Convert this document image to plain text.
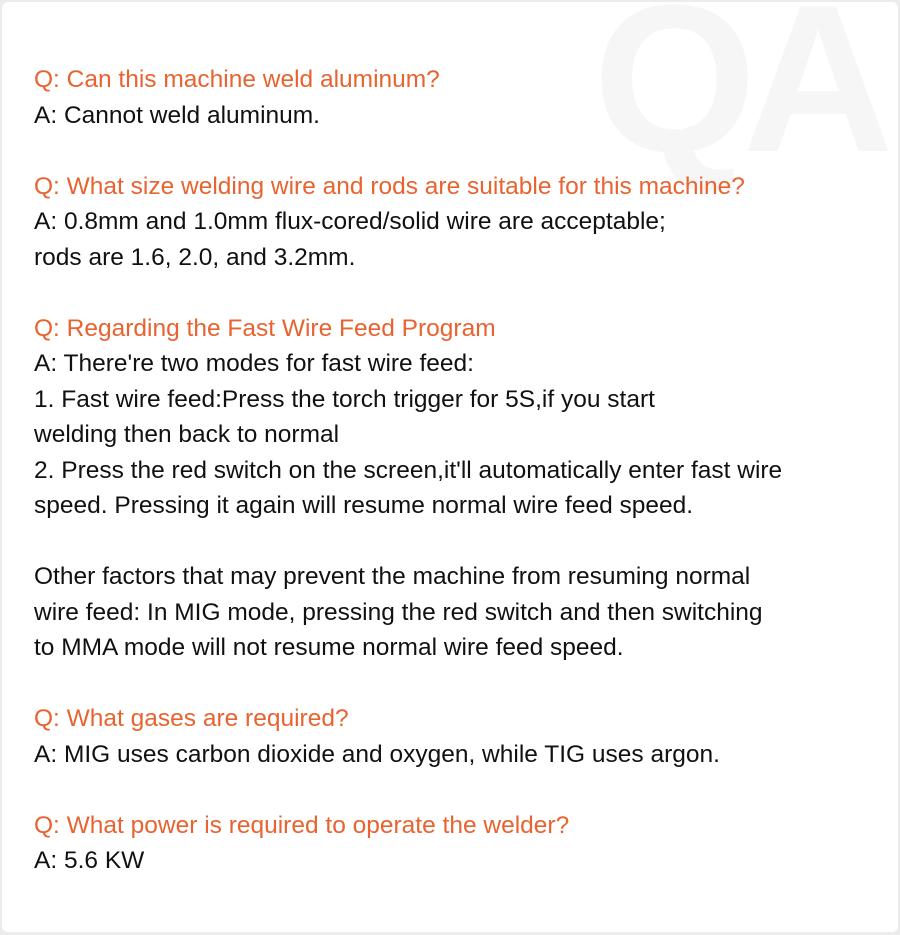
QA
Q: Can this machine weld aluminum?
A: Cannot weld aluminum.
Q: What size welding wire and rods are suitable for this machine?
A: 0.8mm and 1.0mm flux-cored/solid wire are acceptable;
rods are 1.6, 2.0, and 3.2mm.
Q: Regarding the Fast Wire Feed Program
A: There're two modes for fast wire feed:
1. Fast wire feed:Press the torch trigger for 5S,if you start
welding then back to normal
2. Press the red switch on the screen,it'll automatically enter fast wire
speed. Pressing it again will resume normal wire feed speed.
Other factors that may prevent the machine from resuming normal
wire feed: In MIG mode, pressing the red switch and then switching
to MMA mode will not resume normal wire feed speed.
Q: What gases are required?
A: MIG uses carbon dioxide and oxygen, while TIG uses argon.
Q: What power is required to operate the welder?
A: 5.6 KW
